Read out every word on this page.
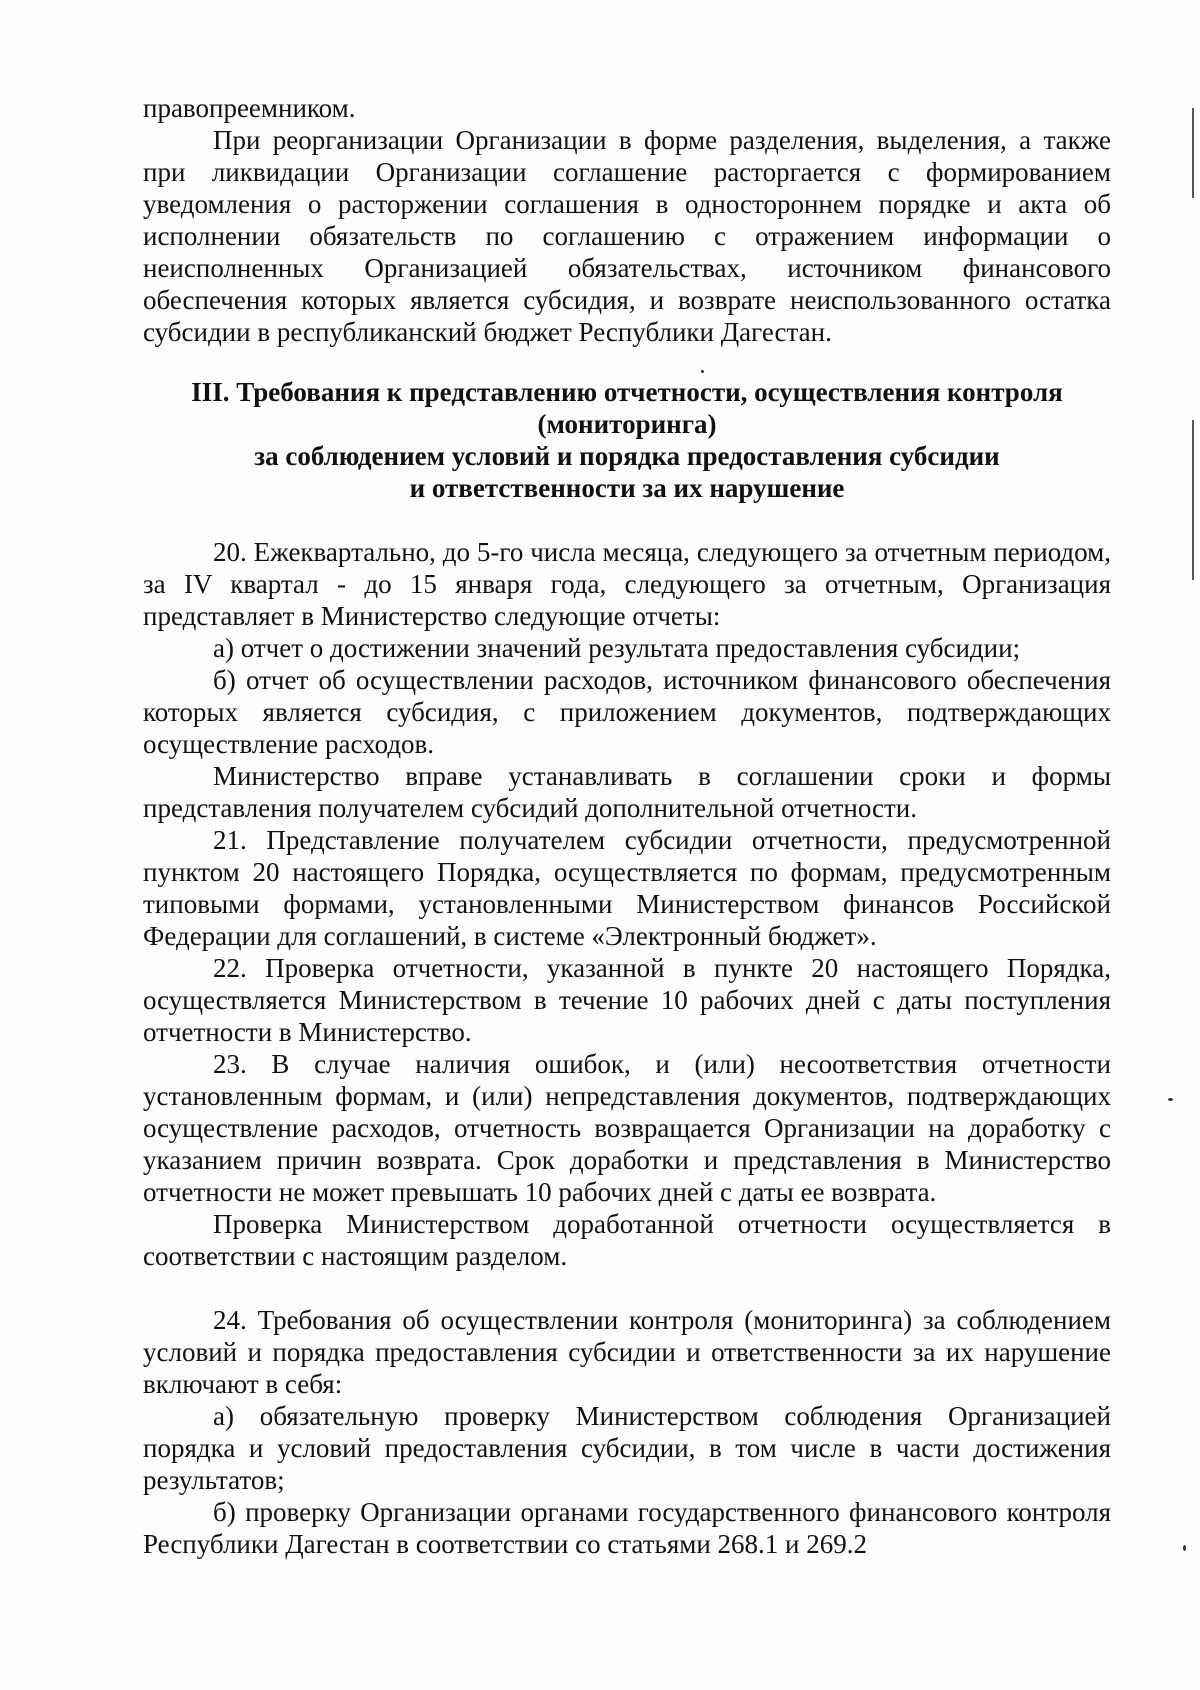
правопреемником.

При реорганизации Организации в форме разделения, выделения, а также при ликвидации Организации соглашение расторгается с формированием уведомления о расторжении соглашения в одностороннем порядке и акта об исполнении обязательств по соглашению с отражением информации о неисполненных Организацией обязательствах, источником финансового обеспечения которых является субсидия, и возврате неиспользованного остатка субсидии в республиканский бюджет Республики Дагестан.

III. Требования к представлению отчетности, осуществления контроля
(мониторинга)
за соблюдением условий и порядка предоставления субсидии
и ответственности за их нарушение

20. Ежеквартально, до 5-го числа месяца, следующего за отчетным периодом, за IV квартал - до 15 января года, следующего за отчетным, Организация представляет в Министерство следующие отчеты:

а) отчет о достижении значений результата предоставления субсидии;

б) отчет об осуществлении расходов, источником финансового обеспечения которых является субсидия, с приложением документов, подтверждающих осуществление расходов.

Министерство вправе устанавливать в соглашении сроки и формы представления получателем субсидий дополнительной отчетности.

21. Представление получателем субсидии отчетности, предусмотренной пунктом 20 настоящего Порядка, осуществляется по формам, предусмотренным типовыми формами, установленными Министерством финансов Российской Федерации для соглашений, в системе «Электронный бюджет».

22. Проверка отчетности, указанной в пункте 20 настоящего Порядка, осуществляется Министерством в течение 10 рабочих дней с даты поступления отчетности в Министерство.

23. В случае наличия ошибок, и (или) несоответствия отчетности установленным формам, и (или) непредставления документов, подтверждающих осуществление расходов, отчетность возвращается Организации на доработку с указанием причин возврата. Срок доработки и представления в Министерство отчетности не может превышать 10 рабочих дней с даты ее возврата.

Проверка Министерством доработанной отчетности осуществляется в соответствии с настоящим разделом.

24. Требования об осуществлении контроля (мониторинга) за соблюдением условий и порядка предоставления субсидии и ответственности за их нарушение включают в себя:

а) обязательную проверку Министерством соблюдения Организацией порядка и условий предоставления субсидии, в том числе в части достижения результатов;

б) проверку Организации органами государственного финансового контроля Республики Дагестан в соответствии со статьями 268.1 и 269.2
